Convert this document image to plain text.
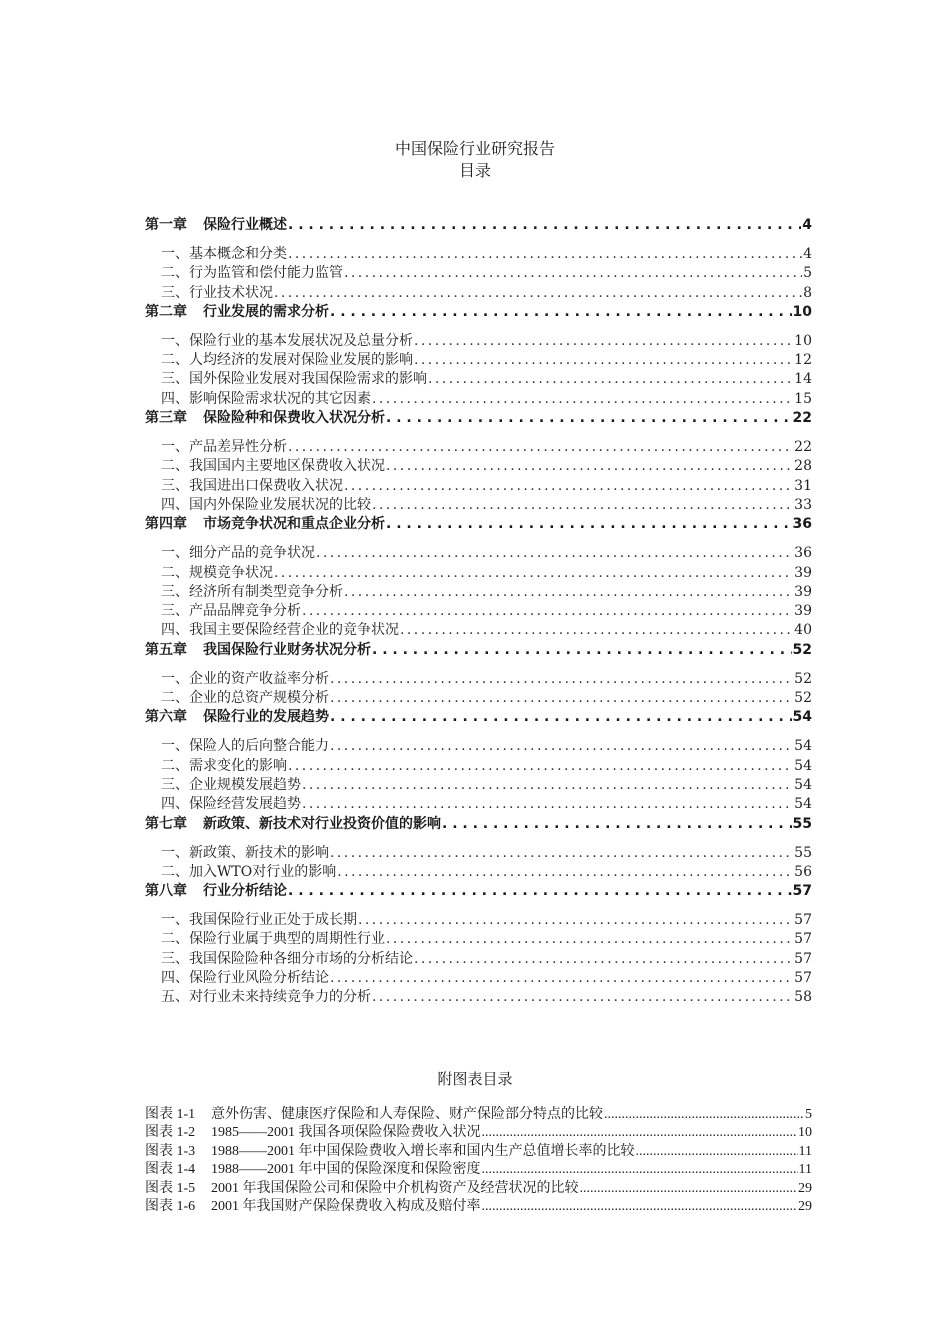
中国保险行业研究报告
目录
第一章 保险行业概述 . . .	4
一、基本概念和分类 . . .	4
二、行为监管和偿付能力监管 . . .	5
三、行业技术状况 . . .	8
第二章 行业发展的需求分析 . . .	10
一、保险行业的基本发展状况及总量分析 . . .	10
二、人均经济的发展对保险业发展的影响 . . .	12
三、国外保险业发展对我国保险需求的影响 . . .	14
四、影响保险需求状况的其它因素 . . .	15
第三章 保险险种和保费收入状况分析 . . .	22
一、产品差异性分析 . . .	22
二、我国国内主要地区保费收入状况 . . .	28
三、我国进出口保费收入状况 . . .	31
四、国内外保险业发展状况的比较 . . .	33
第四章 市场竞争状况和重点企业分析 . . .	36
一、细分产品的竞争状况 . . .	36
二、规模竞争状况 . . .	39
三、经济所有制类型竞争分析 . . .	39
三、产品品牌竞争分析 . . .	39
四、我国主要保险经营企业的竞争状况 . . .	40
第五章 我国保险行业财务状况分析 . . .	52
一、企业的资产收益率分析 . . .	52
二、企业的总资产规模分析 . . .	52
第六章 保险行业的发展趋势 . . .	54
一、保险人的后向整合能力 . . .	54
二、需求变化的影响 . . .	54
三、企业规模发展趋势 . . .	54
四、保险经营发展趋势 . . .	54
第七章 新政策、新技术对行业投资价值的影响 . . .	55
一、新政策、新技术的影响 . . .	55
二、加入WTO对行业的影响 . . .	56
第八章 行业分析结论 . . .	57
一、我国保险行业正处于成长期 . . .	57
二、保险行业属于典型的周期性行业 . . .	57
三、我国保险险种各细分市场的分析结论 . . .	57
四、保险行业风险分析结论 . . .	57
五、对行业未来持续竞争力的分析 . . .	58
附图表目录
图表 1-1 意外伤害、健康医疗保险和人寿保险、财产保险部分特点的比较 .....	5
图表 1-2 1985——2001 我国各项保险保险费收入状况 .....	10
图表 1-3 1988——2001 年中国保险费收入增长率和国内生产总值增长率的比较 .....	11
图表 1-4 1988——2001 年中国的保险深度和保险密度 .....	11
图表 1-5 2001 年我国保险公司和保险中介机构资产及经营状况的比较 .....	29
图表 1-6 2001 年我国财产保险保费收入构成及赔付率 .....	29
